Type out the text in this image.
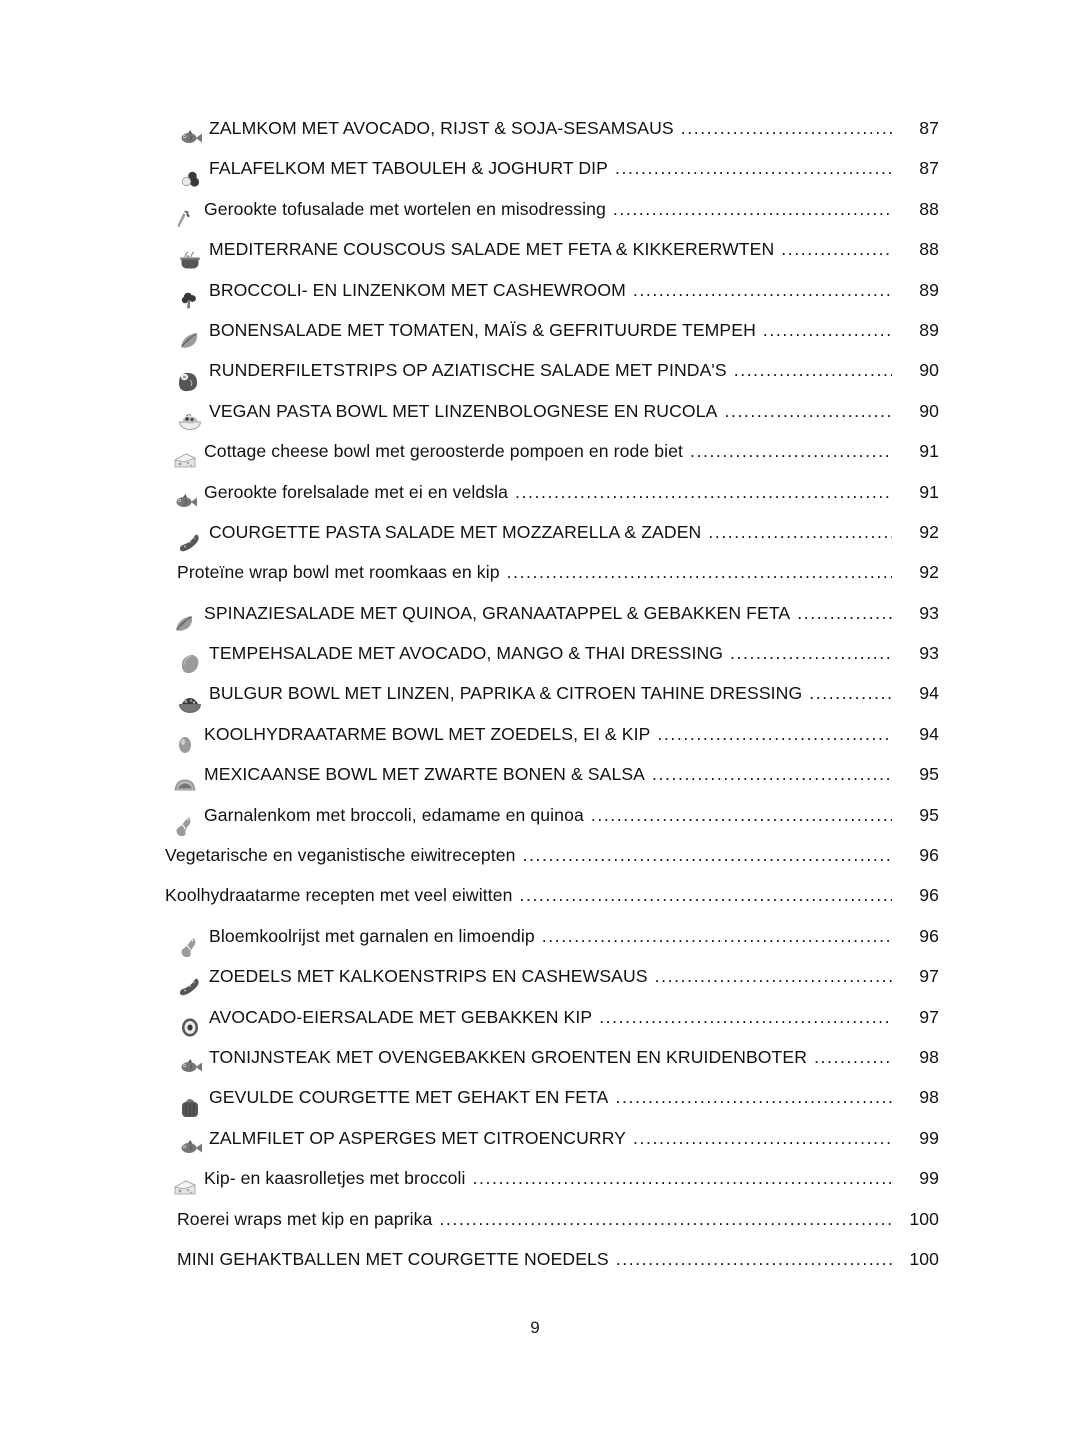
ZALMKOM MET AVOCADO, RIJST & SOJA-SESAMSAUS .....	87
FALAFELKOM MET TABOULEH & JOGHURT DIP .....	87
Gerookte tofusalade met wortelen en misodressing .....	88
MEDITERRANE COUSCOUS SALADE MET FETA & KIKKERERWTEN .....	88
BROCCOLI- EN LINZENKOM MET CASHEWROOM .....	89
BONENSALADE MET TOMATEN, MAÏS & GEFRITUURDE TEMPEH .....	89
RUNDERFILETSTRIPS OP AZIATISCHE SALADE MET PINDA'S .....	90
VEGAN PASTA BOWL MET LINZENBOLOGNESE EN RUCOLA .....	90
Cottage cheese bowl met geroosterde pompoen en rode biet .....	91
Gerookte forelsalade met ei en veldsla .....	91
COURGETTE PASTA SALADE MET MOZZARELLA & ZADEN .....	92
Proteïne wrap bowl met roomkaas en kip .....	92
SPINAZIESALADE MET QUINOA, GRANAATAPPEL & GEBAKKEN FETA .....	93
TEMPEHSALADE MET AVOCADO, MANGO & THAI DRESSING .....	93
BULGUR BOWL MET LINZEN, PAPRIKA & CITROEN TAHINE DRESSING .....	94
KOOLHYDRAATARME BOWL MET ZOEDELS, EI & KIP .....	94
MEXICAANSE BOWL MET ZWARTE BONEN & SALSA .....	95
Garnalenkom met broccoli, edamame en quinoa .....	95
Vegetarische en veganistische eiwitrecepten .....	96
Koolhydraatarme recepten met veel eiwitten .....	96
Bloemkoolrijst met garnalen en limoendip .....	96
ZOEDELS MET KALKOENSTRIPS EN CASHEWSAUS .....	97
AVOCADO-EIERSALADE MET GEBAKKEN KIP .....	97
TONIJNSTEAK MET OVENGEBAKKEN GROENTEN EN KRUIDENBOTER .....	98
GEVULDE COURGETTE MET GEHAKT EN FETA .....	98
ZALMFILET OP ASPERGES MET CITROENCURRY .....	99
Kip- en kaasrolletjes met broccoli .....	99
Roerei wraps met kip en paprika .....	100
MINI GEHAKTBALLEN MET COURGETTE NOEDELS .....	100
9
